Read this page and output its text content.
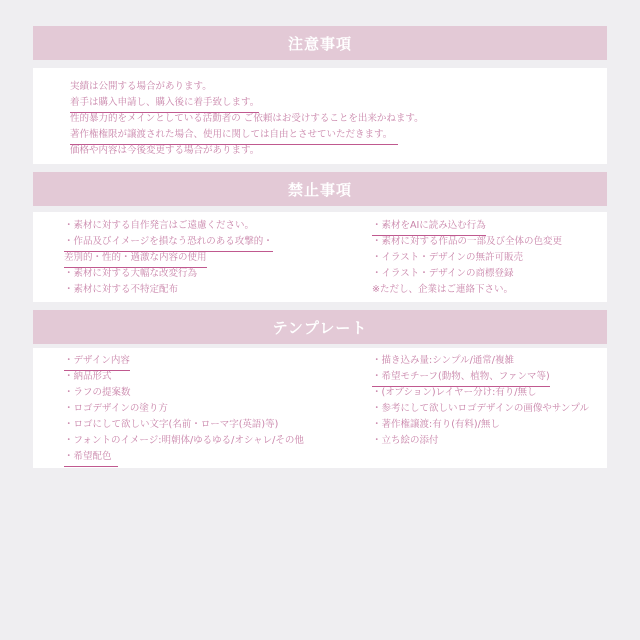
注意事項
実績は公開する場合があります。
着手は購入申請し、購入後に着手致します。
性的暴力的をメインとしている活動者の ご依頼はお受けすることを出来かねます。
著作権権限が譲渡された場合、使用に関しては自由とさせていただきます。
価格や内容は今後変更する場合があります。
禁止事項
・素材に対する自作発言はご遠慮ください。
・作品及びイメージを損なう恐れのある攻撃的・
差別的・性的・過激な内容の使用
・素材に対する大幅な改変行為
・素材に対する不特定配布
・素材をAIに読み込む行為
・素材に対する作品の一部及び全体の色変更
・イラスト・デザインの無許可販売
・イラスト・デザインの商標登録
※ただし、企業はご連絡下さい。
テンプレート
・デザイン内容
・納品形式
・ラフの提案数
・ロゴデザインの塗り方
・ロゴにして欲しい文字(名前・ローマ字(英語)等)
・フォントのイメージ:明朝体/ゆるゆる/オシャレ/その他
・希望配色
・描き込み量:シンプル/通常/複雑
・希望モチーフ(動物、植物、ファンマ等)
・(オプション)レイヤー分け:有り/無し
・参考にして欲しいロゴデザインの画像やサンプル
・著作権譲渡:有り(有料)/無し
・立ち絵の添付
